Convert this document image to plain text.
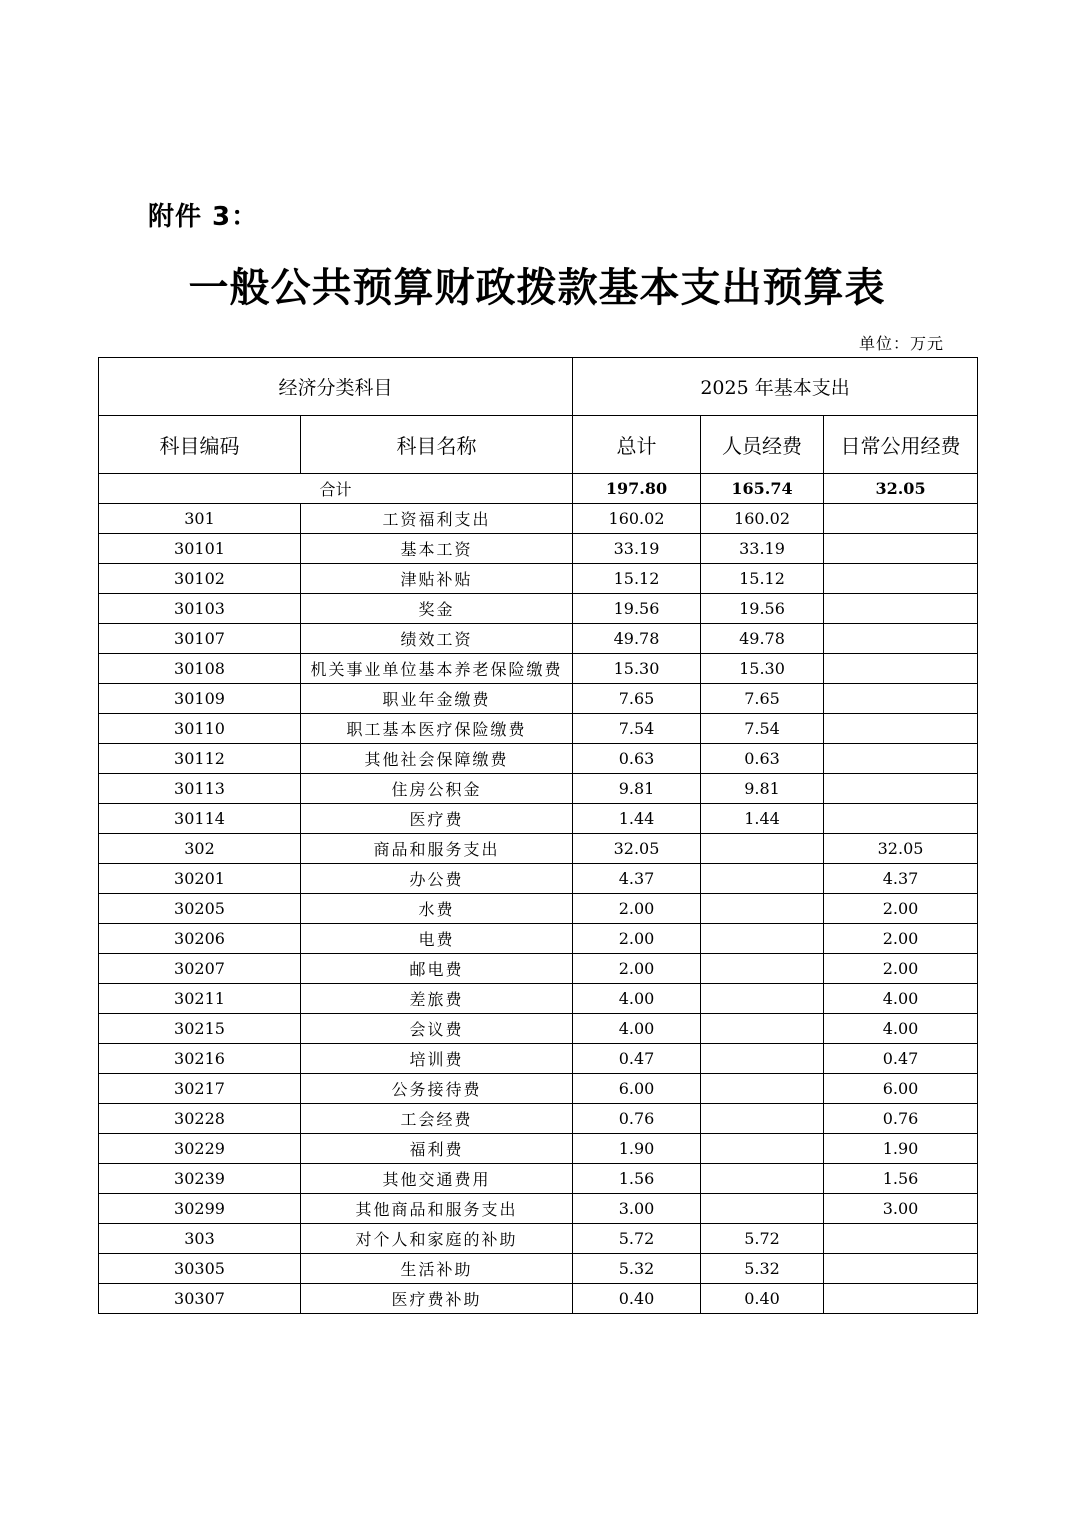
附件 3：
一般公共预算财政拨款基本支出预算表
单位：万元
经济分类科目		2025 年基本支出		
科目编码	科目名称	总计	人员经费	日常公用经费
合计		197.80	165.74	32.05
301	工资福利支出	160.02	160.02	
30101	基本工资	33.19	33.19	
30102	津贴补贴	15.12	15.12	
30103	奖金	19.56	19.56	
30107	绩效工资	49.78	49.78	
30108	机关事业单位基本养老保险缴费	15.30	15.30	
30109	职业年金缴费	7.65	7.65	
30110	职工基本医疗保险缴费	7.54	7.54	
30112	其他社会保障缴费	0.63	0.63	
30113	住房公积金	9.81	9.81	
30114	医疗费	1.44	1.44	
302	商品和服务支出	32.05		32.05
30201	办公费	4.37		4.37
30205	水费	2.00		2.00
30206	电费	2.00		2.00
30207	邮电费	2.00		2.00
30211	差旅费	4.00		4.00
30215	会议费	4.00		4.00
30216	培训费	0.47		0.47
30217	公务接待费	6.00		6.00
30228	工会经费	0.76		0.76
30229	福利费	1.90		1.90
30239	其他交通费用	1.56		1.56
30299	其他商品和服务支出	3.00		3.00
303	对个人和家庭的补助	5.72	5.72	
30305	生活补助	5.32	5.32	
30307	医疗费补助	0.40	0.40	
